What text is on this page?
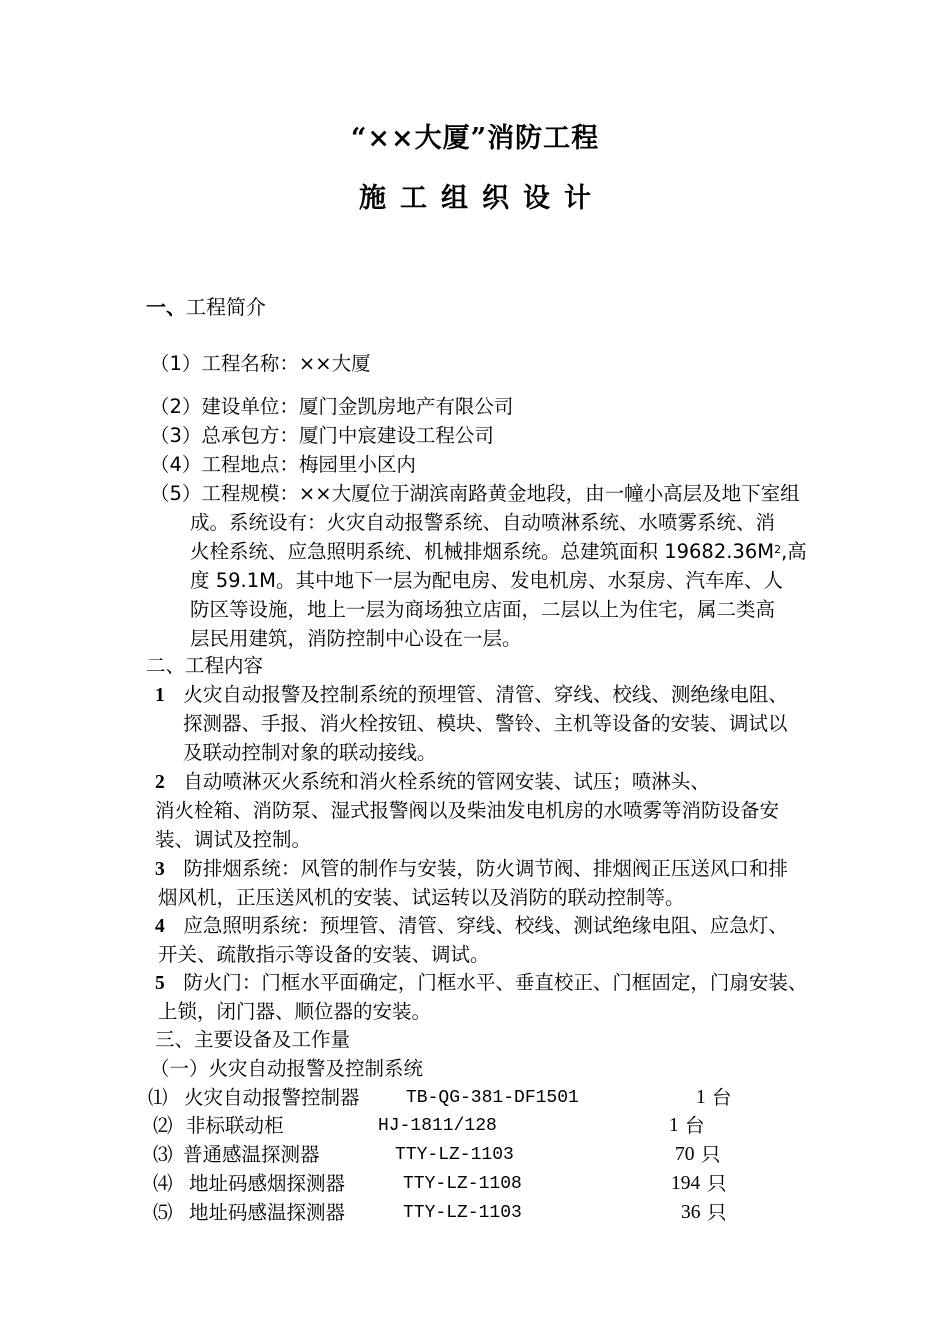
“××大厦”消防工程
施工组织设计
一、工程简介
（1）工程名称：××大厦
（2）建设单位：厦门金凯房地产有限公司
（3）总承包方：厦门中宸建设工程公司
（4）工程地点：梅园里小区内
（5）工程规模：××大厦位于湖滨南路黄金地段，由一幢小高层及地下室组
成。系统设有：火灾自动报警系统、自动喷淋系统、水喷雾系统、消
火栓系统、应急照明系统、机械排烟系统。总建筑面积 $19682.36M^2$,高
度 59.1M。其中地下一层为配电房、发电机房、水泵房、汽车库、人
防区等设施，地上一层为商场独立店面，二层以上为住宅，属二类高
层民用建筑，消防控制中心设在一层。
二、工程内容
1 火灾自动报警及控制系统的预埋管、清管、穿线、校线、测绝缘电阻、
探测器、手报、消火栓按钮、模块、警铃、主机等设备的安装、调试以
及联动控制对象的联动接线。
2 自动喷淋灭火系统和消火栓系统的管网安装、试压；喷淋头、
消火栓箱、消防泵、湿式报警阀以及柴油发电机房的水喷雾等消防设备安
装、调试及控制。
3 防排烟系统：风管的制作与安装，防火调节阀、排烟阀正压送风口和排
烟风机，正压送风机的安装、试运转以及消防的联动控制等。
4 应急照明系统：预埋管、清管、穿线、校线、测试绝缘电阻、应急灯、
开关、疏散指示等设备的安装、调试。
5 防火门：门框水平面确定，门框水平、垂直校正、门框固定，门扇安装、
上锁，闭门器、顺位器的安装。
三、主要设备及工作量
（一）火灾自动报警及控制系统
⑴ 火灾自动报警控制器	TB-QG-381-DF1501	1 台
⑵ 非标联动柜	HJ-1811/128	1 台
⑶ 普通感温探测器	TTY-LZ-1103	70 只
⑷ 地址码感烟探测器	TTY-LZ-1108	194 只
⑸ 地址码感温探测器	TTY-LZ-1103	36 只
